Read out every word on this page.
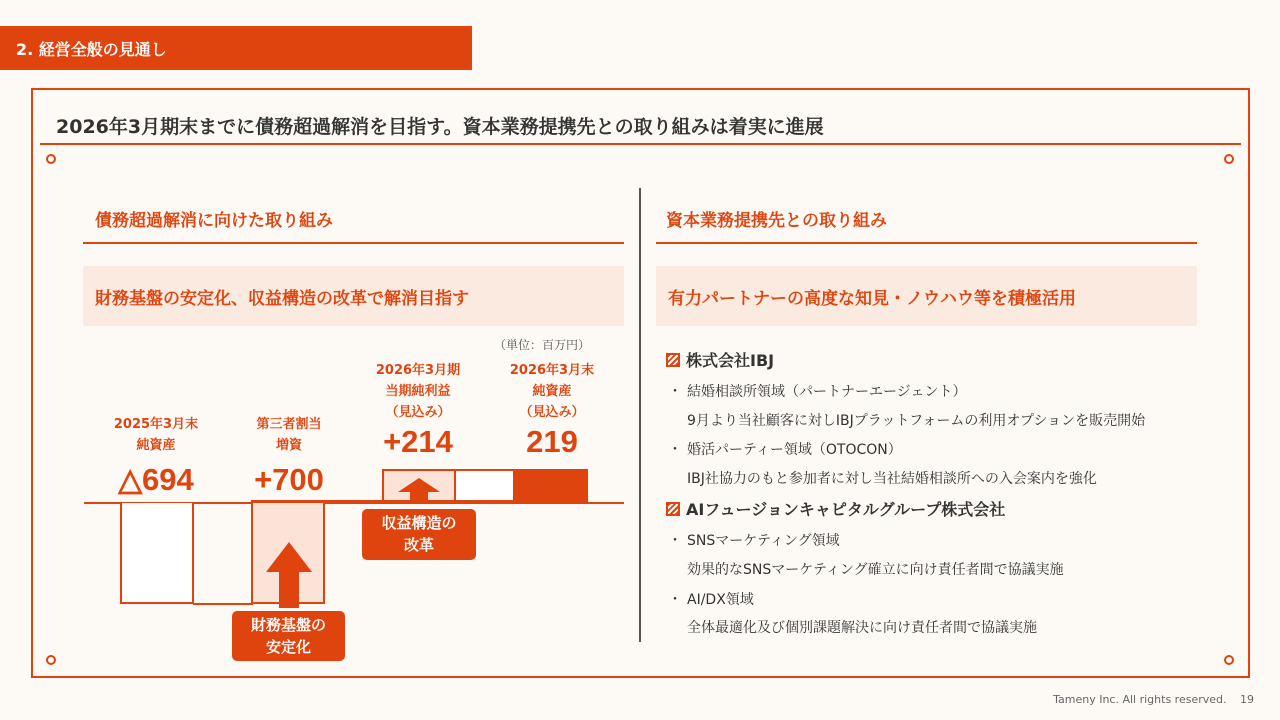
2. 経営全般の見通し
2026年3月期末までに債務超過解消を目指す。資本業務提携先との取り組みは着実に進展
債務超過解消に向けた取り組み
財務基盤の安定化、収益構造の改革で解消目指す
（単位：百万円）
2025年3月末
純資産
△694
第三者割当
増資
+700
2026年3月期
当期純利益
（見込み）
+214
2026年3月末
純資産
（見込み）
219
財務基盤の
安定化
収益構造の
改革
資本業務提携先との取り組み
有力パートナーの高度な知見・ノウハウ等を積極活用
株式会社IBJ
・ 結婚相談所領域（パートナーエージェント）
9月より当社顧客に対しIBJプラットフォームの利用オプションを販売開始
・ 婚活パーティー領域（OTOCON）
IBJ社協力のもと参加者に対し当社結婚相談所への入会案内を強化
AIフュージョンキャピタルグループ株式会社
・ SNSマーケティング領域
効果的なSNSマーケティング確立に向け責任者間で協議実施
・ AI/DX領域
全体最適化及び個別課題解決に向け責任者間で協議実施
Tameny Inc. All rights reserved. 19
